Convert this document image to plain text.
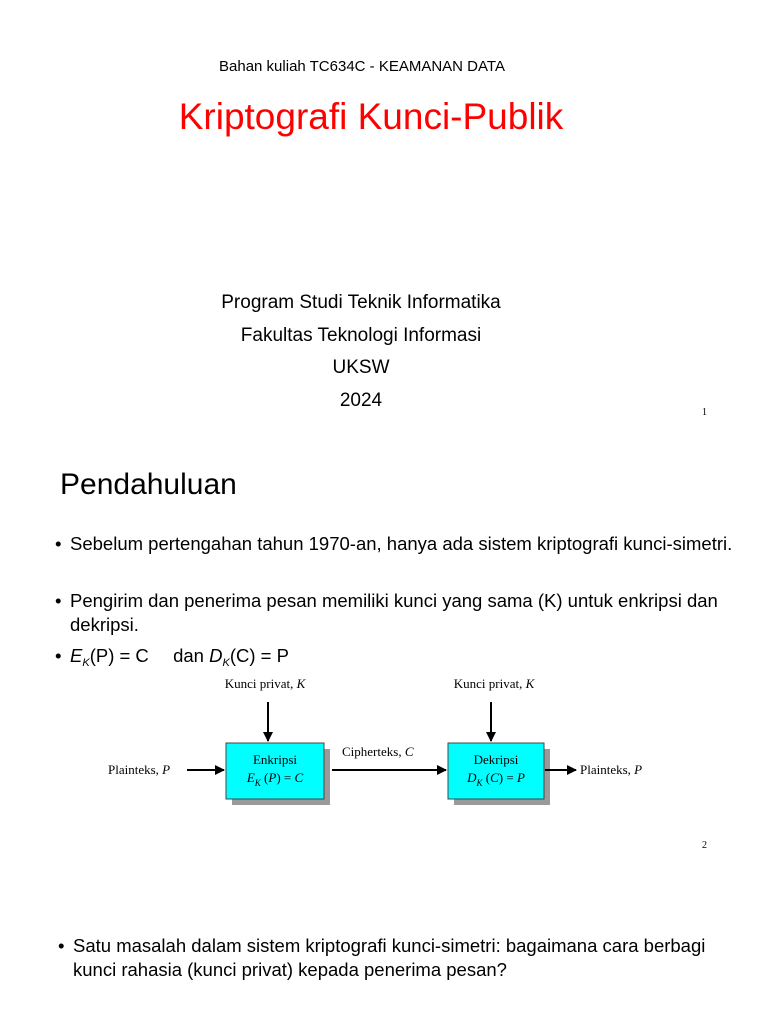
Bahan kuliah TC634C - KEAMANAN DATA
Kriptografi Kunci-Publik
Program Studi Teknik Informatika
Fakultas Teknologi Informasi
UKSW
2024
1
Pendahuluan
• Sebelum pertengahan tahun 1970-an, hanya ada sistem kriptografi kunci-simetri.
• Pengirim dan penerima pesan memiliki kunci yang sama (K) untuk enkripsi dan dekripsi.
• $E_K(P) = C$ dan $D_K(C) = P$
Kunci privat, K	Kunci privat, K
Enkripsi
$E_K$ (P) = C
Dekripsi
$D_K$ (C) = P
Plainteks, P
Cipherteks, C
Plainteks, P
2
• Satu masalah dalam sistem kriptografi kunci-simetri: bagaimana cara berbagi kunci rahasia (kunci privat) kepada penerima pesan?
